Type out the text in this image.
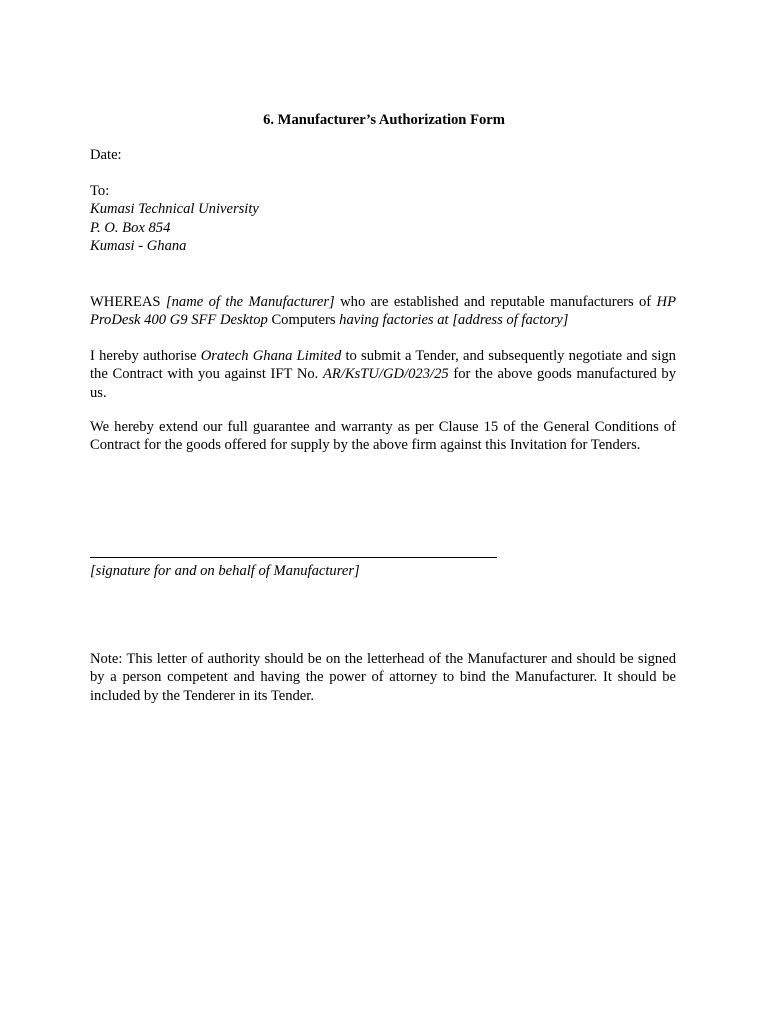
6. Manufacturer’s Authorization Form
Date:
To:
Kumasi Technical University
P. O. Box 854
Kumasi - Ghana
WHEREAS [name of the Manufacturer] who are established and reputable manufacturers of HP ProDesk 400 G9 SFF Desktop Computers having factories at [address of factory]
I hereby authorise Oratech Ghana Limited to submit a Tender, and subsequently negotiate and sign the Contract with you against IFT No. AR/KsTU/GD/023/25 for the above goods manufactured by us.
We hereby extend our full guarantee and warranty as per Clause 15 of the General Conditions of Contract for the goods offered for supply by the above firm against this Invitation for Tenders.
[signature for and on behalf of Manufacturer]
Note: This letter of authority should be on the letterhead of the Manufacturer and should be signed by a person competent and having the power of attorney to bind the Manufacturer. It should be included by the Tenderer in its Tender.
